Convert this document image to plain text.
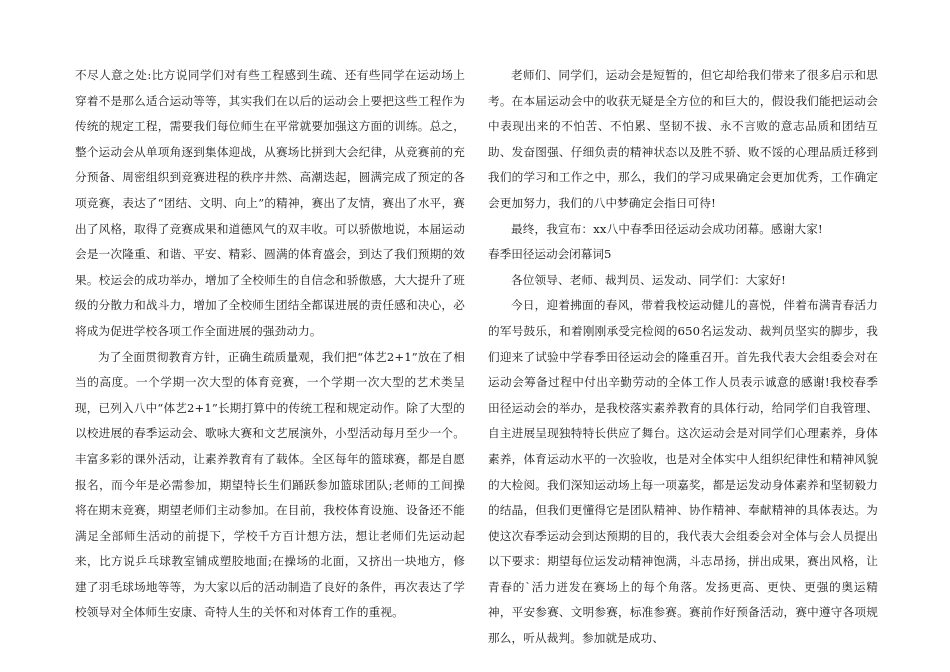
不尽人意之处:比方说同学们对有些工程感到生疏、还有些同学在运动场上穿着不是那么适合运动等等，其实我们在以后的运动会上要把这些工程作为传统的规定工程，需要我们每位师生在平常就要加强这方面的训练。总之，整个运动会从单项角逐到集体迎战，从赛场比拼到大会纪律，从竞赛前的充分预备、周密组织到竞赛进程的秩序井然、高潮迭起，圆满完成了预定的各项竞赛，表达了“团结、文明、向上”的精神，赛出了友情，赛出了水平，赛出了风格，取得了竞赛成果和道德风气的双丰收。可以骄傲地说，本届运动会是一次隆重、和谐、平安、精彩、圆满的体育盛会，到达了我们预期的效果。校运会的成功举办，增加了全校师生的自信念和骄傲感，大大提升了班级的分散力和战斗力，增加了全校师生团结全都谋进展的责任感和决心，必将成为促进学校各项工作全面进展的强劲动力。

为了全面贯彻教育方针，正确生疏质量观，我们把“体艺2+1”放在了相当的高度。一个学期一次大型的体育竞赛，一个学期一次大型的艺术类呈现，已列入八中“体艺2+1”长期打算中的传统工程和规定动作。除了大型的以校进展的春季运动会、歌咏大赛和文艺展演外，小型活动每月至少一个。丰富多彩的课外活动，让素养教育有了载体。全区每年的篮球赛，都是自愿报名，而今年是必需参加，期望特长生们踊跃参加篮球团队;老师的工间操将在期末竞赛，期望老师们主动参加。在目前，我校体育设施、设备还不能满足全部师生活动的前提下，学校千方百计想方法，想让老师们先运动起来，比方说乒乓球教室铺成塑胶地面;在操场的北面，又挤出一块地方，修建了羽毛球场地等等，为大家以后的活动制造了良好的条件，再次表达了学校领导对全体师生安康、奇特人生的关怀和对体育工作的重视。

老师们、同学们，运动会是短暂的，但它却给我们带来了很多启示和思考。在本届运动会中的收获无疑是全方位的和巨大的，假设我们能把运动会中表现出来的不怕苦、不怕累、坚韧不拔、永不言败的意志品质和团结互助、发奋图强、仔细负责的精神状态以及胜不骄、败不馁的心理品质迁移到我们的学习和工作之中，那么，我们的学习成果确定会更加优秀，工作确定会更加努力，我们的八中梦确定会指日可待!

最终，我宣布：xx八中春季田径运动会成功闭幕。感谢大家!

春季田径运动会闭幕词5

各位领导、老师、裁判员、运发动、同学们：大家好!

今日，迎着拂面的春风，带着我校运动健儿的喜悦，伴着布满青春活力的军号鼓乐，和着刚刚承受完检阅的650名运发动、裁判员坚实的脚步，我们迎来了试验中学春季田径运动会的隆重召开。首先我代表大会组委会对在运动会筹备过程中付出辛勤劳动的全体工作人员表示诚意的感谢!我校春季田径运动会的举办，是我校落实素养教育的具体行动，给同学们自我管理、自主进展呈现独特特长供应了舞台。这次运动会是对同学们心理素养，身体素养，体育运动水平的一次验收，也是对全体实中人组织纪律性和精神风貌的大检阅。我们深知运动场上每一项嘉奖，都是运发动身体素养和坚韧毅力的结晶，但我们更懂得它是团队精神、协作精神、奉献精神的具体表达。为使这次春季运动会到达预期的目的，我代表大会组委会对全体与会人员提出以下要求：期望每位运发动精神饱满，斗志昂扬，拼出成果，赛出风格，让青春的`活力迸发在赛场上的每个角落。发扬更高、更快、更强的奥运精神，平安参赛、文明参赛，标准参赛。赛前作好预备活动，赛中遵守各项规那么，听从裁判。参加就是成功、
